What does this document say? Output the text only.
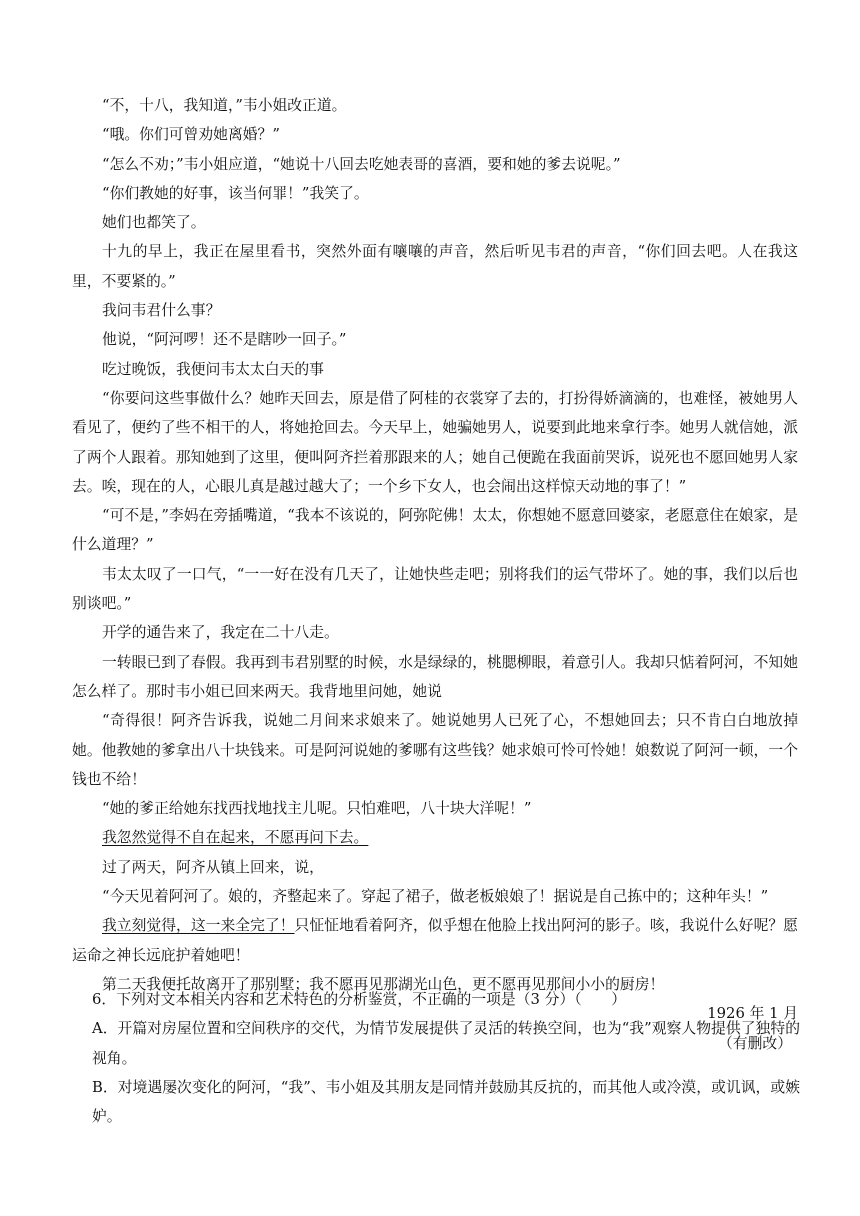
“不，十八，我知道，”韦小姐改正道。

“哦。你们可曾劝她离婚？”

“怎么不劝；”韦小姐应道，“她说十八回去吃她表哥的喜酒，要和她的爹去说呢。”

“你们教她的好事，该当何罪！”我笑了。

她们也都笑了。

十九的早上，我正在屋里看书，突然外面有嚷嚷的声音，然后听见韦君的声音，“你们回去吧。人在我这里，不要紧的。”

我问韦君什么事？

他说，“阿河啰！还不是瞎吵一回子。”

吃过晚饭，我便问韦太太白天的事

“你要问这些事做什么？她昨天回去，原是借了阿桂的衣裳穿了去的，打扮得娇滴滴的，也难怪，被她男人看见了，便约了些不相干的人，将她抢回去。今天早上，她骗她男人，说要到此地来拿行李。她男人就信她，派了两个人跟着。那知她到了这里，便叫阿齐拦着那跟来的人；她自己便跪在我面前哭诉，说死也不愿回她男人家去。唉，现在的人，心眼儿真是越过越大了；一个乡下女人，也会闹出这样惊天动地的事了！”

“可不是，”李妈在旁插嘴道，“我本不该说的，阿弥陀佛！太太，你想她不愿意回婆家，老愿意住在娘家，是什么道理？”

韦太太叹了一口气，“一一好在没有几天了，让她快些走吧；别将我们的运气带坏了。她的事，我们以后也别谈吧。”

开学的通告来了，我定在二十八走。

一转眼已到了春假。我再到韦君别墅的时候，水是绿绿的，桃腮柳眼，着意引人。我却只惦着阿河，不知她怎么样了。那时韦小姐已回来两天。我背地里问她，她说

“奇得很！阿齐告诉我，说她二月间来求娘来了。她说她男人已死了心，不想她回去；只不肯白白地放掉她。他教她的爹拿出八十块钱来。可是阿河说她的爹哪有这些钱？她求娘可怜可怜她！娘数说了阿河一顿，一个钱也不给！

“她的爹正给她东找西找地找主儿呢。只怕难吧，八十块大洋呢！”

我忽然觉得不自在起来，不愿再问下去。

过了两天，阿齐从镇上回来，说，

“今天见着阿河了。娘的，齐整起来了。穿起了裙子，做老板娘娘了！据说是自己拣中的；这种年头！”

我立刻觉得，这一来全完了！只怔怔地看着阿齐，似乎想在他脸上找出阿河的影子。咳，我说什么好呢？愿运命之神长远庇护着她吧！

第二天我便托故离开了那别墅；我不愿再见那湖光山色，更不愿再见那间小小的厨房！

1926 年 1 月

（有删改）

6．下列对文本相关内容和艺术特色的分析鉴赏，不正确的一项是（3 分）（　　）

A．开篇对房屋位置和空间秩序的交代，为情节发展提供了灵活的转换空间，也为“我”观察人物提供了独特的视角。

B．对境遇屡次变化的阿河，“我”、韦小姐及其朋友是同情并鼓励其反抗的，而其他人或冷漠，或讥讽，或嫉妒。
